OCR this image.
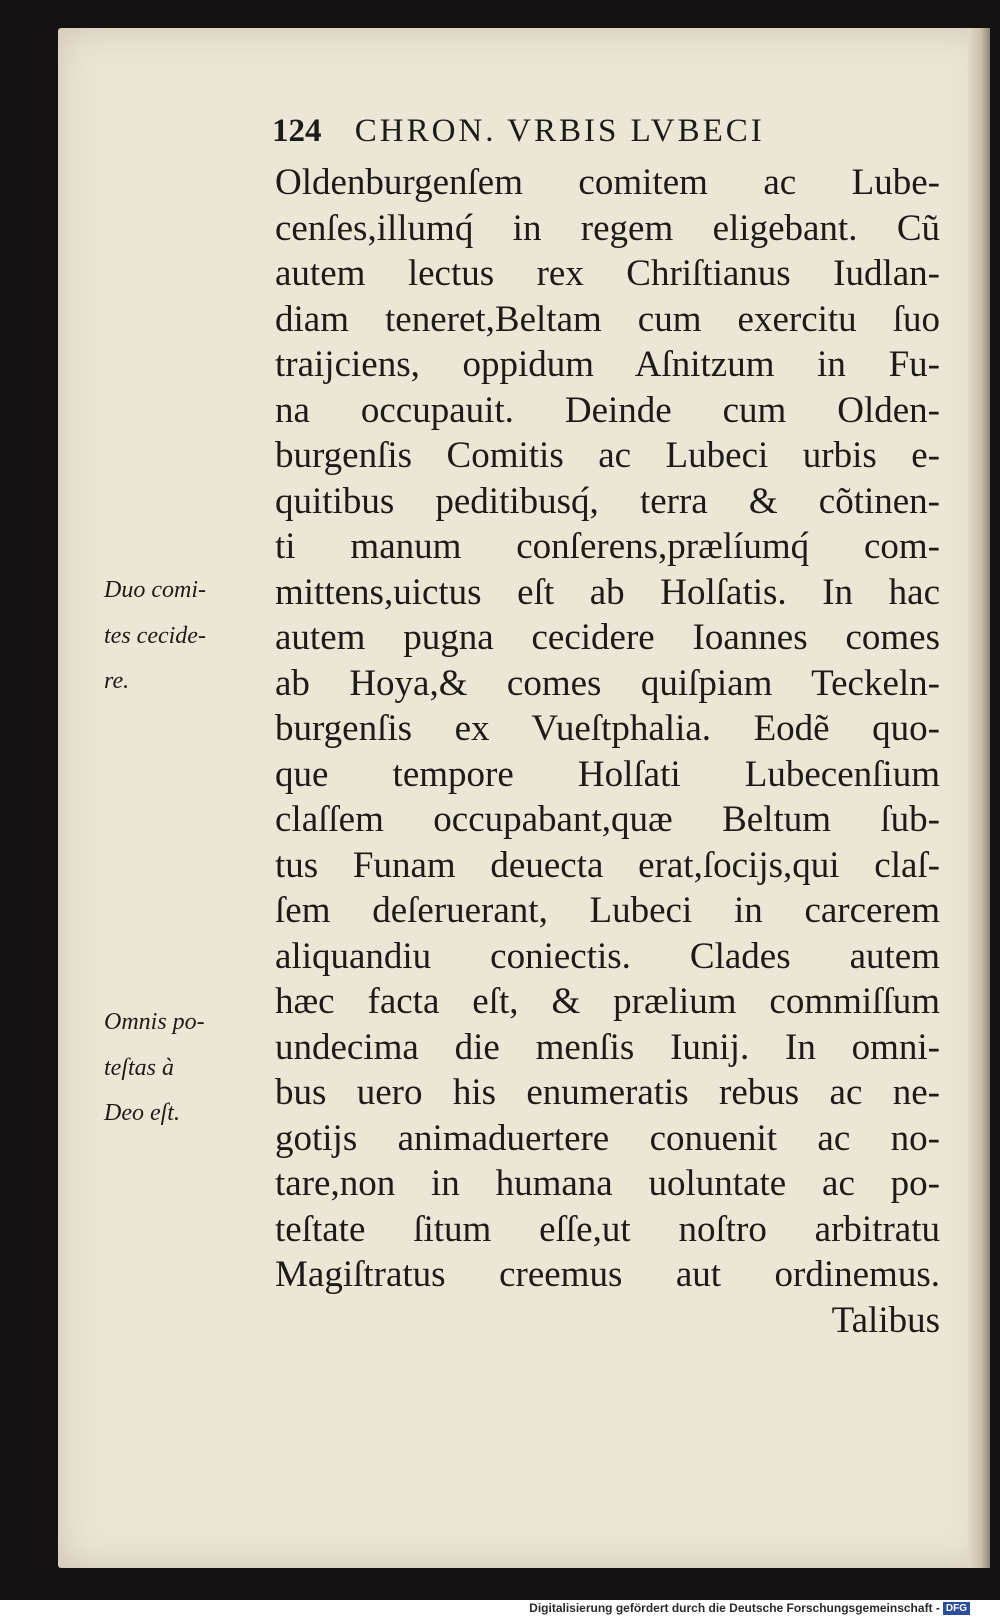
124 CHRON. VRBIS LVBECI
Oldenburgenſem comitem ac Lube-
cenſes,illumq́ in regem eligebant. Cũ
autem lectus rex Chriſtianus Iudlan-
diam teneret,Beltam cum exercitu ſuo
traijciens, oppidum Aſnitzum in Fu-
na occupauit. Deinde cum Olden-
burgenſis Comitis ac Lubeci urbis e-
quitibus peditibusq́, terra & cõtinen-
ti manum conſerens,prælíumq́ com-
mittens,uictus eſt ab Holſatis. In hac
autem pugna cecidere Ioannes comes
ab Hoya,& comes quiſpiam Teckeln-
burgenſis ex Vueſtphalia. Eodẽ quo-
que tempore Holſati Lubecenſium
claſſem occupabant,quæ Beltum ſub-
tus Funam deuecta erat,ſocijs,qui claſ-
ſem deſeruerant, Lubeci in carcerem
aliquandiu coniectis. Clades autem
hæc facta eſt, & prælium commiſſum
undecima die menſis Iunij. In omni-
bus uero his enumeratis rebus ac ne-
gotijs animaduertere conuenit ac no-
tare,non in humana uoluntate ac po-
teſtate ſitum eſſe,ut noſtro arbitratu
Magiſtratus creemus aut ordinemus.
Talibus
Duo comi-
tes cecide-
re.
Omnis po-
teſtas à
Deo eſt.
Digitalisierung gefördert durch die Deutsche Forschungsgemeinschaft - DFG
